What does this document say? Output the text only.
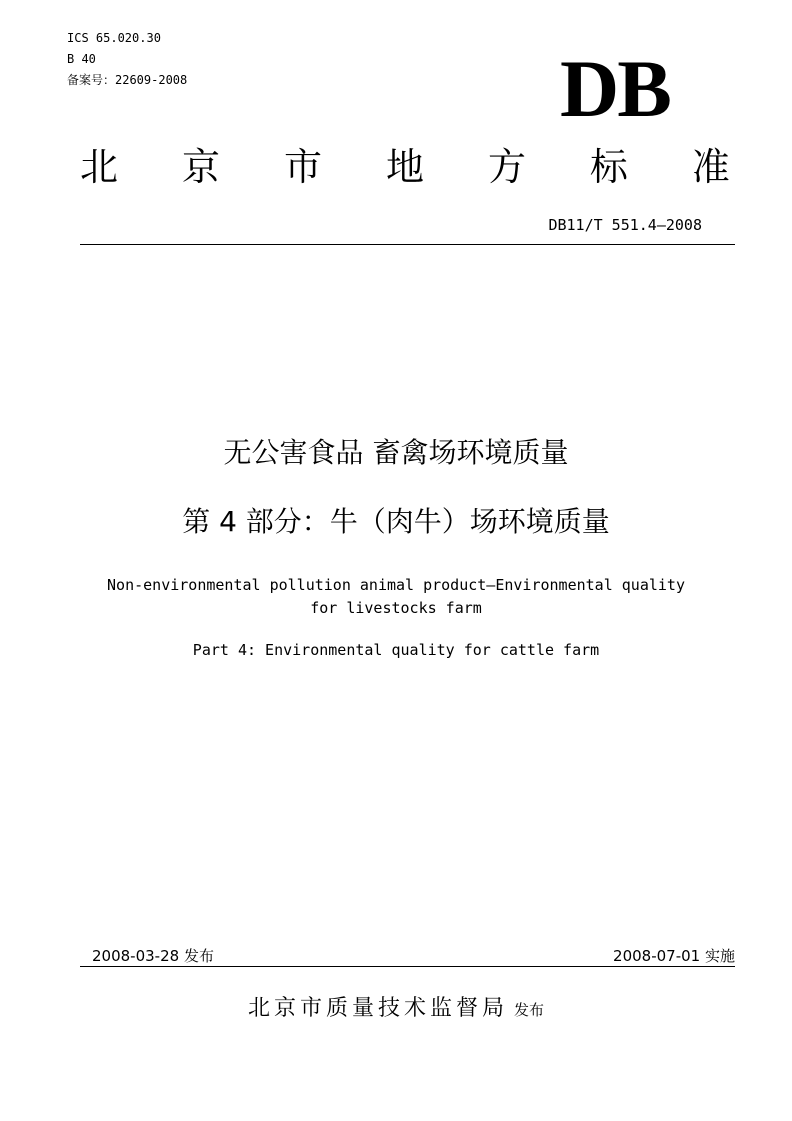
ICS 65.020.30
B 40
备案号：22609-2008	DB
北 京 市 地 方 标 准
DB11/T 551.4—2008
无公害食品 畜禽场环境质量
第 4 部分：牛（肉牛）场环境质量
Non-environmental pollution animal product—Environmental quality
for livestocks farm
Part 4: Environmental quality for cattle farm
2008-03-28 发布	2008-07-01 实施
北京市质量技术监督局 发布
